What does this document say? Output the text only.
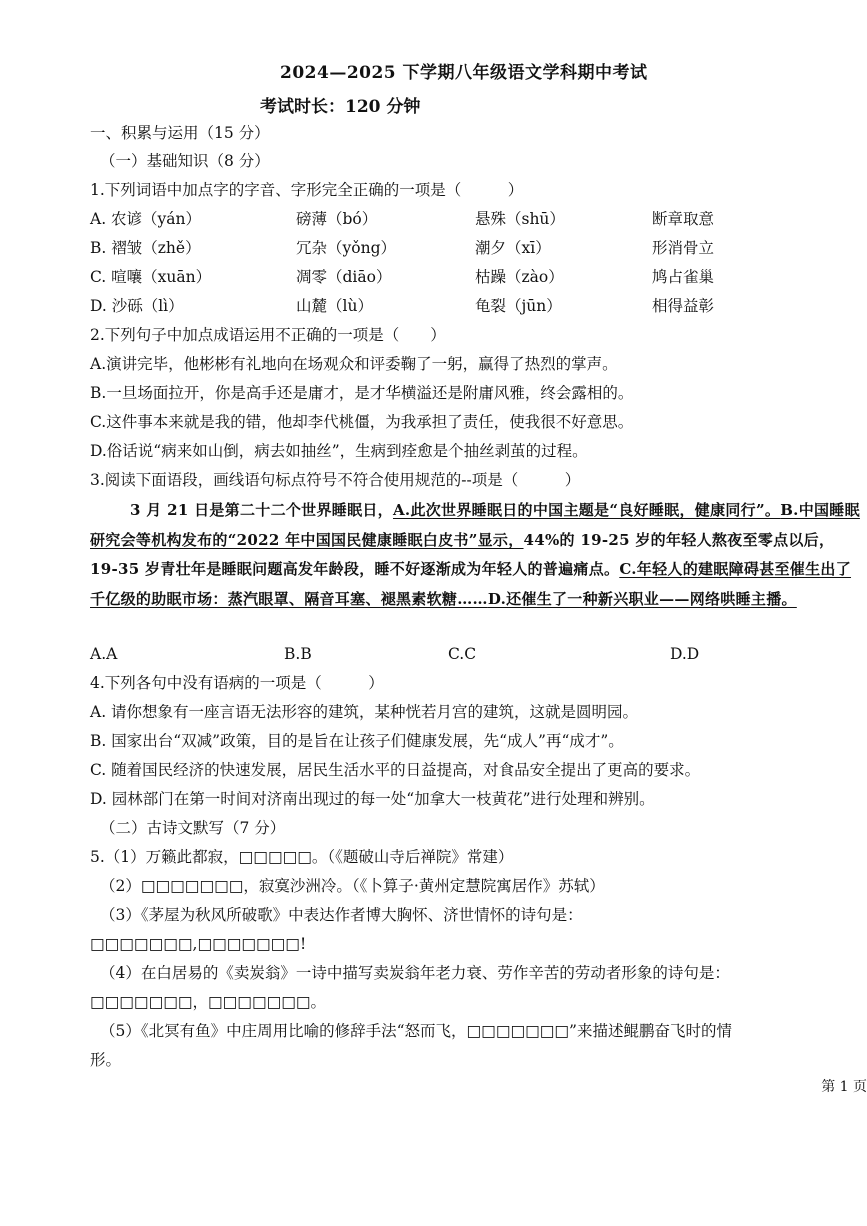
2024—2025 下学期八年级语文学科期中考试
考试时长：120 分钟
一、积累与运用（15 分）
（一）基础知识（8 分）
1.下列词语中加点字的字音、字形完全正确的一项是（　　　）
A. 农谚（yán）	磅薄（bó）	悬殊（shū）	断章取意
B. 褶皱（zhě）	冗杂（yǒng）	潮夕（xī）	形消骨立
C. 喧嚷（xuān）	凋零（diāo）	枯躁（zào）	鸠占雀巢
D. 沙砾（lì）	山麓（lù）	龟裂（jūn）	相得益彰
2.下列句子中加点成语运用不正确的一项是（　　）
A.演讲完毕，他彬彬有礼地向在场观众和评委鞠了一躬，赢得了热烈的掌声。
B.一旦场面拉开，你是高手还是庸才，是才华横溢还是附庸风雅，终会露相的。
C.这件事本来就是我的错，他却李代桃僵，为我承担了责任，使我很不好意思。
D.俗话说“病来如山倒，病去如抽丝”，生病到痊愈是个抽丝剥茧的过程。
3.阅读下面语段，画线语句标点符号不符合使用规范的--项是（　　　）
3 月 21 日是第二十二个世界睡眠日，A.此次世界睡眠日的中国主题是“良好睡眠，健康同行”。B.中国睡眠研究会等机构发布的“2022 年中国国民健康睡眠白皮书”显示，44%的 19-25 岁的年轻人熬夜至零点以后，19-35 岁青壮年是睡眠问题高发年龄段，睡不好逐渐成为年轻人的普遍痛点。C.年轻人的建眠障碍甚至催生出了千亿级的助眠市场：蒸汽眼罩、隔音耳塞、褪黑素软糖……D.还催生了一种新兴职业——网络哄睡主播。
A.A	B.B	C.C	D.D
4.下列各句中没有语病的一项是（　　　）
A. 请你想象有一座言语无法形容的建筑，某种恍若月宫的建筑，这就是圆明园。
B. 国家出台“双减”政策，目的是旨在让孩子们健康发展，先“成人”再“成才”。
C. 随着国民经济的快速发展，居民生活水平的日益提高，对食品安全提出了更高的要求。
D. 园林部门在第一时间对济南出现过的每一处“加拿大一枝黄花”进行处理和辨别。
（二）古诗文默写（7 分）
5.（1）万籁此都寂，□□□□□。（《题破山寺后禅院》常建）
（2）□□□□□□□，寂寞沙洲冷。（《卜算子·黄州定慧院寓居作》苏轼）
（3）《茅屋为秋风所破歌》中表达作者博大胸怀、济世情怀的诗句是：
□□□□□□□,□□□□□□□!
（4）在白居易的《卖炭翁》一诗中描写卖炭翁年老力衰、劳作辛苦的劳动者形象的诗句是：
□□□□□□□，□□□□□□□。
（5）《北冥有鱼》中庄周用比喻的修辞手法“怒而飞，□□□□□□□”来描述鲲鹏奋飞时的情
形。
第 1 页
